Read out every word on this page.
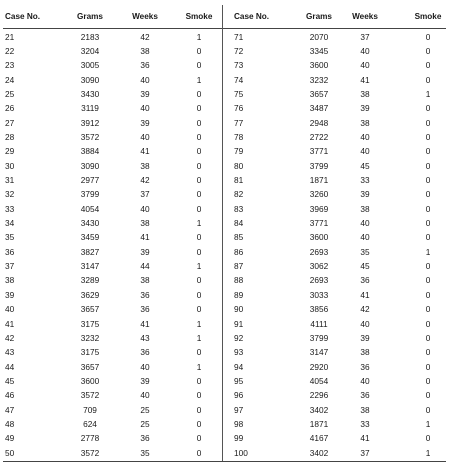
Case No.	Grams	Weeks	Smoke	Case No.	Grams	Weeks	Smoke
21	2183	42	1	71	2070	37	0
22	3204	38	0	72	3345	40	0
23	3005	36	0	73	3600	40	0
24	3090	40	1	74	3232	41	0
25	3430	39	0	75	3657	38	1
26	3119	40	0	76	3487	39	0
27	3912	39	0	77	2948	38	0
28	3572	40	0	78	2722	40	0
29	3884	41	0	79	3771	40	0
30	3090	38	0	80	3799	45	0
31	2977	42	0	81	1871	33	0
32	3799	37	0	82	3260	39	0
33	4054	40	0	83	3969	38	0
34	3430	38	1	84	3771	40	0
35	3459	41	0	85	3600	40	0
36	3827	39	0	86	2693	35	1
37	3147	44	1	87	3062	45	0
38	3289	38	0	88	2693	36	0
39	3629	36	0	89	3033	41	0
40	3657	36	0	90	3856	42	0
41	3175	41	1	91	4111	40	0
42	3232	43	1	92	3799	39	0
43	3175	36	0	93	3147	38	0
44	3657	40	1	94	2920	36	0
45	3600	39	0	95	4054	40	0
46	3572	40	0	96	2296	36	0
47	709	25	0	97	3402	38	0
48	624	25	0	98	1871	33	1
49	2778	36	0	99	4167	41	0
50	3572	35	0	100	3402	37	1
